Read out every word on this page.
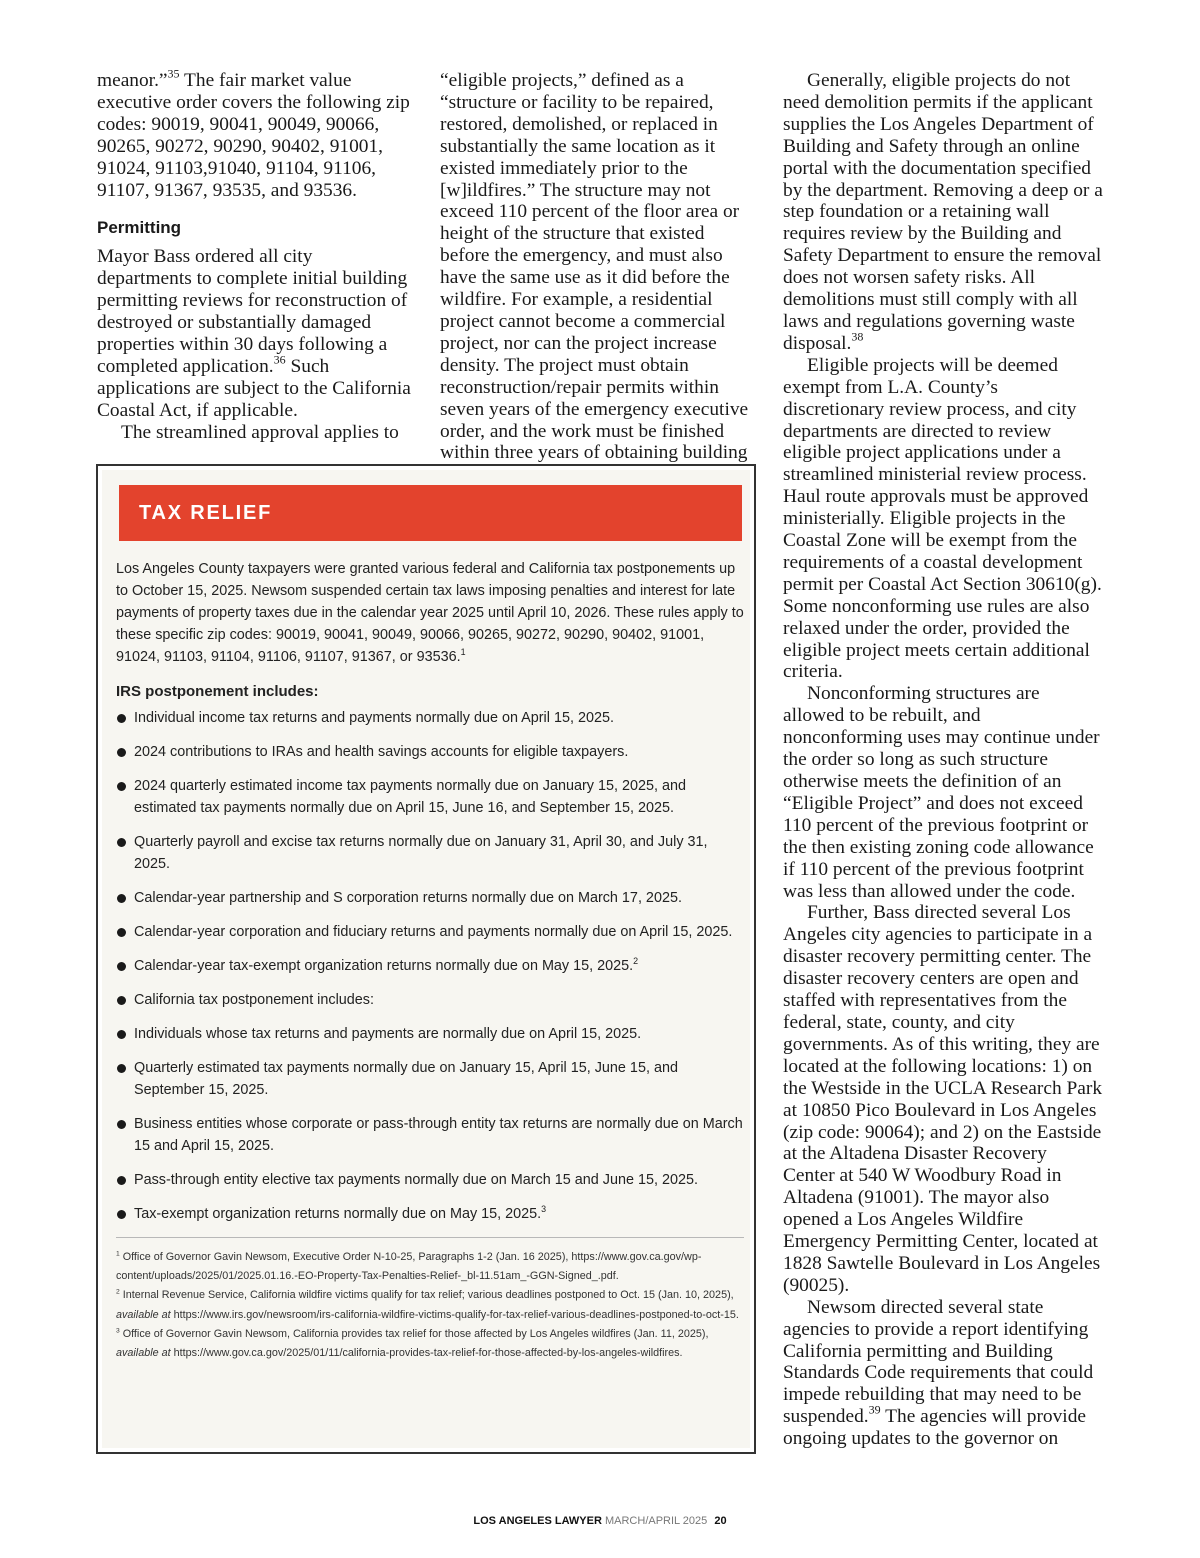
meanor.”$^{35}$ The fair market value executive order covers the following zip codes: 90019, 90041, 90049, 90066, 90265, 90272, 90290, 90402, 91001, 91024, 91103,91040, 91104, 91106, 91107, 91367, 93535, and 93536.

Permitting

Mayor Bass ordered all city departments to complete initial building permitting reviews for reconstruction of destroyed or substantially damaged properties within 30 days following a completed application.$^{36}$ Such applications are subject to the California Coastal Act, if applicable.

The streamlined approval applies to

“eligible projects,” defined as a “structure or facility to be repaired, restored, demolished, or replaced in substantially the same location as it existed immediately prior to the [w]ildfires.” The structure may not exceed 110 percent of the floor area or height of the structure that existed before the emergency, and must also have the same use as it did before the wildfire. For example, a residential project cannot become a commercial project, nor can the project increase density. The project must obtain reconstruction/repair permits within seven years of the emergency executive order, and the work must be finished within three years of obtaining building

Generally, eligible projects do not need demolition permits if the applicant supplies the Los Angeles Department of Building and Safety through an online portal with the documentation specified by the department. Removing a deep or a step foundation or a retaining wall requires review by the Building and Safety Department to ensure the removal does not worsen safety risks. All demolitions must still comply with all laws and regulations governing waste disposal.$^{38}$

Eligible projects will be deemed exempt from L.A. County’s discretionary review process, and city departments are directed to review eligible project applications under a streamlined ministerial review process. Haul route approvals must be approved ministerially. Eligible projects in the Coastal Zone will be exempt from the requirements of a coastal development permit per Coastal Act Section 30610(g). Some nonconforming use rules are also relaxed under the order, provided the eligible project meets certain additional criteria.

Nonconforming structures are allowed to be rebuilt, and nonconforming uses may continue under the order so long as such structure otherwise meets the definition of an “Eligible Project” and does not exceed 110 percent of the previous footprint or the then existing zoning code allowance if 110 percent of the previous footprint was less than allowed under the code.

Further, Bass directed several Los Angeles city agencies to participate in a disaster recovery permitting center. The disaster recovery centers are open and staffed with representatives from the federal, state, county, and city governments. As of this writing, they are located at the following locations: 1) on the Westside in the UCLA Research Park at 10850 Pico Boulevard in Los Angeles (zip code: 90064); and 2) on the Eastside at the Altadena Disaster Recovery Center at 540 W Woodbury Road in Altadena (91001). The mayor also opened a Los Angeles Wildfire Emergency Permitting Center, located at 1828 Sawtelle Boulevard in Los Angeles (90025).

Newsom directed several state agencies to provide a report identifying California permitting and Building Standards Code requirements that could impede rebuilding that may need to be suspended.$^{39}$ The agencies will provide ongoing updates to the governor on

TAX RELIEF

Los Angeles County taxpayers were granted various federal and California tax postponements up to October 15, 2025. Newsom suspended certain tax laws imposing penalties and interest for late payments of property taxes due in the calendar year 2025 until April 10, 2026. These rules apply to these specific zip codes: 90019, 90041, 90049, 90066, 90265, 90272, 90290, 90402, 91001, 91024, 91103, 91104, 91106, 91107, 91367, or 93536.$^1$

IRS postponement includes:
Individual income tax returns and payments normally due on April 15, 2025.
2024 contributions to IRAs and health savings accounts for eligible taxpayers.
2024 quarterly estimated income tax payments normally due on January 15, 2025, and estimated tax payments normally due on April 15, June 16, and September 15, 2025.
Quarterly payroll and excise tax returns normally due on January 31, April 30, and July 31, 2025.
Calendar-year partnership and S corporation returns normally due on March 17, 2025.
Calendar-year corporation and fiduciary returns and payments normally due on April 15, 2025.
Calendar-year tax-exempt organization returns normally due on May 15, 2025.$^2$
California tax postponement includes:
Individuals whose tax returns and payments are normally due on April 15, 2025.
Quarterly estimated tax payments normally due on January 15, April 15, June 15, and September 15, 2025.
Business entities whose corporate or pass-through entity tax returns are normally due on March 15 and April 15, 2025.
Pass-through entity elective tax payments normally due on March 15 and June 15, 2025.
Tax-exempt organization returns normally due on May 15, 2025.$^3$

$^1$ Office of Governor Gavin Newsom, Executive Order N-10-25, Paragraphs 1-2 (Jan. 16 2025), https://www.gov.ca.gov/wp-content/uploads/2025/01/2025.01.16.-EO-Property-Tax-Penalties-Relief-_bl-11.51am_-GGN-Signed_.pdf.

$^2$ Internal Revenue Service, California wildfire victims qualify for tax relief; various deadlines postponed to Oct. 15 (Jan. 10, 2025), available at https://www.irs.gov/newsroom/irs-california-wildfire-victims-qualify-for-tax-relief-various-deadlines-postponed-to-oct-15.

$^3$ Office of Governor Gavin Newsom, California provides tax relief for those affected by Los Angeles wildfires (Jan. 11, 2025), available at https://www.gov.ca.gov/2025/01/11/california-provides-tax-relief-for-those-affected-by-los-angeles-wildfires.

LOS ANGELES LAWYER MARCH/APRIL 2025 20
